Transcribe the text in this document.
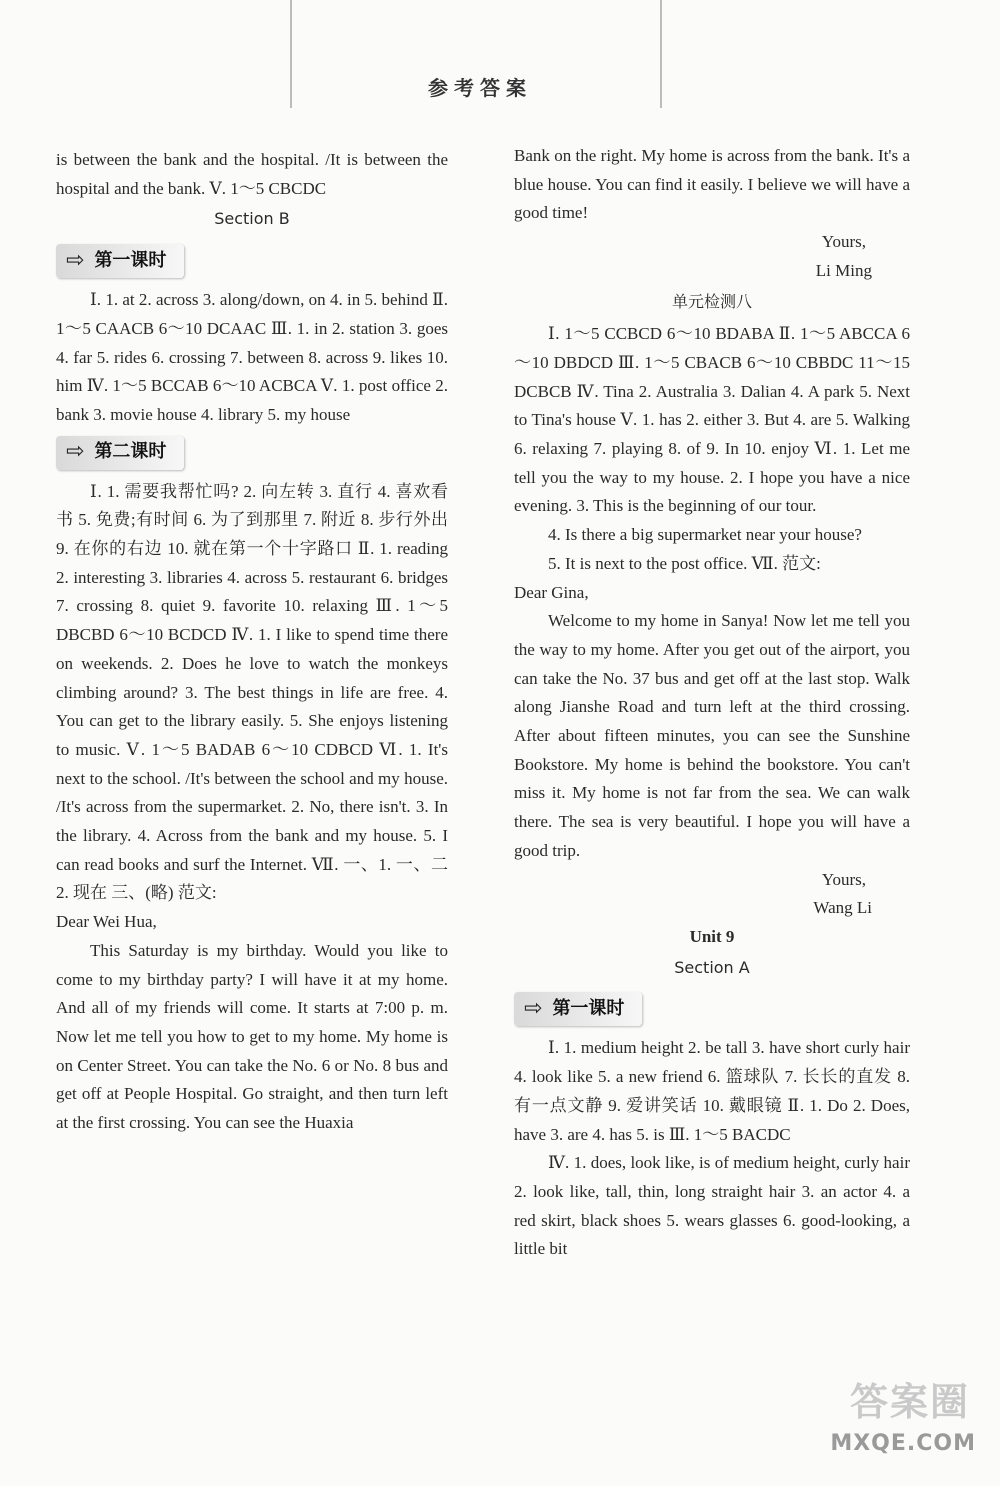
参考答案

is between the bank and the hospital. /It is between the hospital and the bank. Ⅴ. 1～5 CBCDC

Section B
⇨ 第一课时

Ⅰ. 1. at 2. across 3. along/down, on 4. in 5. behind Ⅱ. 1～5 CAACB 6～10 DCAAC Ⅲ. 1. in 2. station 3. goes 4. far 5. rides 6. crossing 7. between 8. across 9. likes 10. him Ⅳ. 1～5 BCCAB 6～10 ACBCA Ⅴ. 1. post office 2. bank 3. movie house 4. library 5. my house

⇨ 第二课时

Ⅰ. 1. 需要我帮忙吗? 2. 向左转 3. 直行 4. 喜欢看书 5. 免费;有时间 6. 为了到那里 7. 附近 8. 步行外出 9. 在你的右边 10. 就在第一个十字路口 Ⅱ. 1. reading 2. interesting 3. libraries 4. across 5. restaurant 6. bridges 7. crossing 8. quiet 9. favorite 10. relaxing Ⅲ. 1～5 DBCBD 6～10 BCDCD Ⅳ. 1. I like to spend time there on weekends. 2. Does he love to watch the monkeys climbing around? 3. The best things in life are free. 4. You can get to the library easily. 5. She enjoys listening to music. Ⅴ. 1～5 BADAB 6～10 CDBCD Ⅵ. 1. It's next to the school. /It's between the school and my house. /It's across from the supermarket. 2. No, there isn't. 3. In the library. 4. Across from the bank and my house. 5. I can read books and surf the Internet. Ⅶ. 一、1. 一、二 2. 现在 三、(略) 范文:

Dear Wei Hua,

This Saturday is my birthday. Would you like to come to my birthday party? I will have it at my home. And all of my friends will come. It starts at 7:00 p. m. Now let me tell you how to get to my home. My home is on Center Street. You can take the No. 6 or No. 8 bus and get off at People Hospital. Go straight, and then turn left at the first crossing. You can see the Huaxia

Bank on the right. My home is across from the bank. It's a blue house. You can find it easily. I believe we will have a good time!

Yours,

Li Ming

单元检测八

Ⅰ. 1～5 CCBCD 6～10 BDABA Ⅱ. 1～5 ABCCA 6～10 DBDCD Ⅲ. 1～5 CBACB 6～10 CBBDC 11～15 DCBCB Ⅳ. Tina 2. Australia 3. Dalian 4. A park 5. Next to Tina's house Ⅴ. 1. has 2. either 3. But 4. are 5. Walking 6. relaxing 7. playing 8. of 9. In 10. enjoy Ⅵ. 1. Let me tell you the way to my house. 2. I hope you have a nice evening. 3. This is the beginning of our tour.

4. Is there a big supermarket near your house?

5. It is next to the post office. Ⅶ. 范文:

Dear Gina,

Welcome to my home in Sanya! Now let me tell you the way to my home. After you get out of the airport, you can take the No. 37 bus and get off at the last stop. Walk along Jianshe Road and turn left at the third crossing. After about fifteen minutes, you can see the Sunshine Bookstore. My home is behind the bookstore. You can't miss it. My home is not far from the sea. We can walk there. The sea is very beautiful. I hope you will have a good trip.

Yours,

Wang Li

Unit 9
Section A
⇨ 第一课时

Ⅰ. 1. medium height 2. be tall 3. have short curly hair 4. look like 5. a new friend 6. 篮球队 7. 长长的直发 8. 有一点文静 9. 爱讲笑话 10. 戴眼镜 Ⅱ. 1. Do 2. Does, have 3. are 4. has 5. is Ⅲ. 1～5 BACDC

Ⅳ. 1. does, look like, is of medium height, curly hair 2. look like, tall, thin, long straight hair 3. an actor 4. a red skirt, black shoes 5. wears glasses 6. good-looking, a little bit

答案圈
MXQE.COM
